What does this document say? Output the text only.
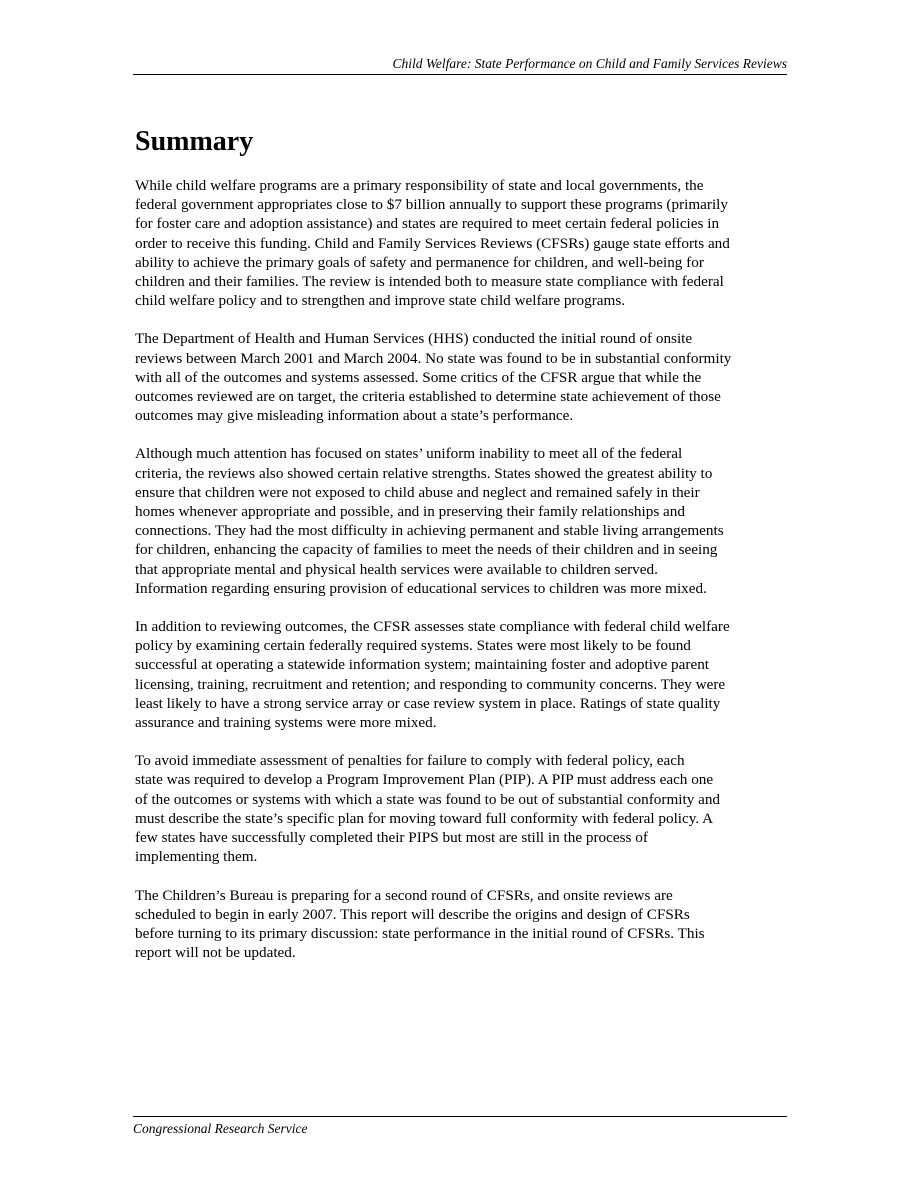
Child Welfare: State Performance on Child and Family Services Reviews
Summary

While child welfare programs are a primary responsibility of state and local governments, the
federal government appropriates close to $7 billion annually to support these programs (primarily
for foster care and adoption assistance) and states are required to meet certain federal policies in
order to receive this funding. Child and Family Services Reviews (CFSRs) gauge state efforts and
ability to achieve the primary goals of safety and permanence for children, and well-being for
children and their families. The review is intended both to measure state compliance with federal
child welfare policy and to strengthen and improve state child welfare programs.

The Department of Health and Human Services (HHS) conducted the initial round of onsite
reviews between March 2001 and March 2004. No state was found to be in substantial conformity
with all of the outcomes and systems assessed. Some critics of the CFSR argue that while the
outcomes reviewed are on target, the criteria established to determine state achievement of those
outcomes may give misleading information about a state’s performance.

Although much attention has focused on states’ uniform inability to meet all of the federal
criteria, the reviews also showed certain relative strengths. States showed the greatest ability to
ensure that children were not exposed to child abuse and neglect and remained safely in their
homes whenever appropriate and possible, and in preserving their family relationships and
connections. They had the most difficulty in achieving permanent and stable living arrangements
for children, enhancing the capacity of families to meet the needs of their children and in seeing
that appropriate mental and physical health services were available to children served.
Information regarding ensuring provision of educational services to children was more mixed.

In addition to reviewing outcomes, the CFSR assesses state compliance with federal child welfare
policy by examining certain federally required systems. States were most likely to be found
successful at operating a statewide information system; maintaining foster and adoptive parent
licensing, training, recruitment and retention; and responding to community concerns. They were
least likely to have a strong service array or case review system in place. Ratings of state quality
assurance and training systems were more mixed.

To avoid immediate assessment of penalties for failure to comply with federal policy, each
state was required to develop a Program Improvement Plan (PIP). A PIP must address each one
of the outcomes or systems with which a state was found to be out of substantial conformity and
must describe the state’s specific plan for moving toward full conformity with federal policy. A
few states have successfully completed their PIPS but most are still in the process of
implementing them.

The Children’s Bureau is preparing for a second round of CFSRs, and onsite reviews are
scheduled to begin in early 2007. This report will describe the origins and design of CFSRs
before turning to its primary discussion: state performance in the initial round of CFSRs. This
report will not be updated.

Congressional Research Service
